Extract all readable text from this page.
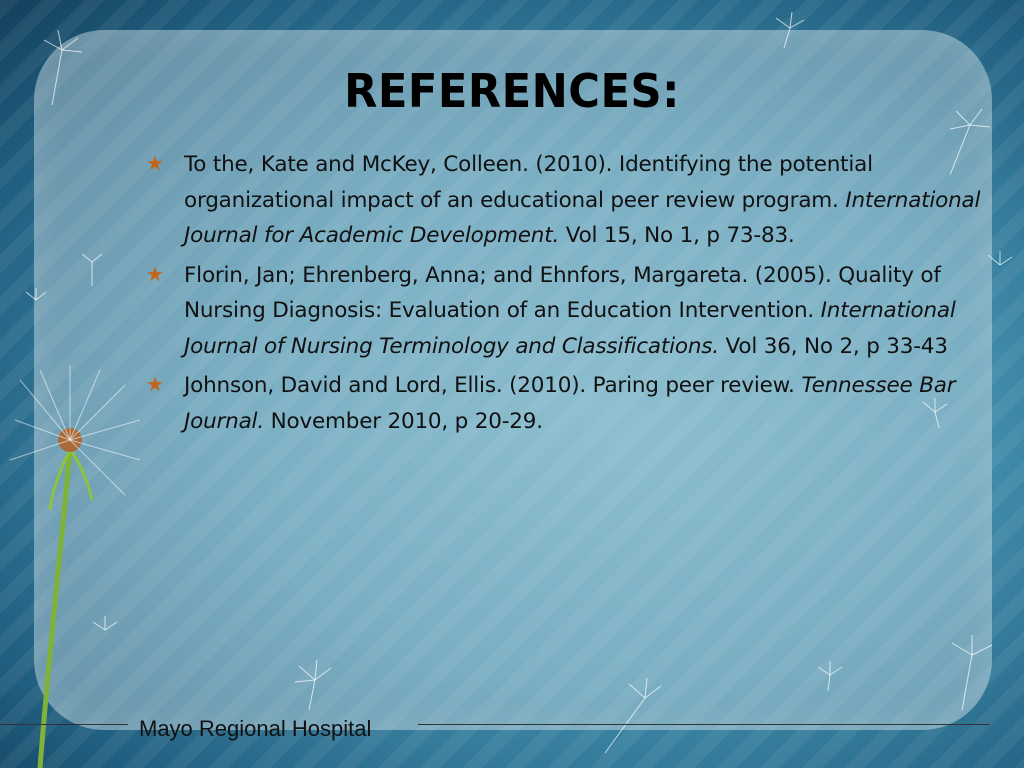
REFERENCES:
★ To the, Kate and McKey, Colleen. (2010). Identifying the potential organizational impact of an educational peer review program. International Journal for Academic Development. Vol 15, No 1, p 73-83.
★ Florin, Jan; Ehrenberg, Anna; and Ehnfors, Margareta. (2005). Quality of Nursing Diagnosis: Evaluation of an Education Intervention. International Journal of Nursing Terminology and Classifications. Vol 36, No 2, p 33-43
★ Johnson, David and Lord, Ellis. (2010). Paring peer review. Tennessee Bar Journal. November 2010, p 20-29.
Mayo Regional Hospital
